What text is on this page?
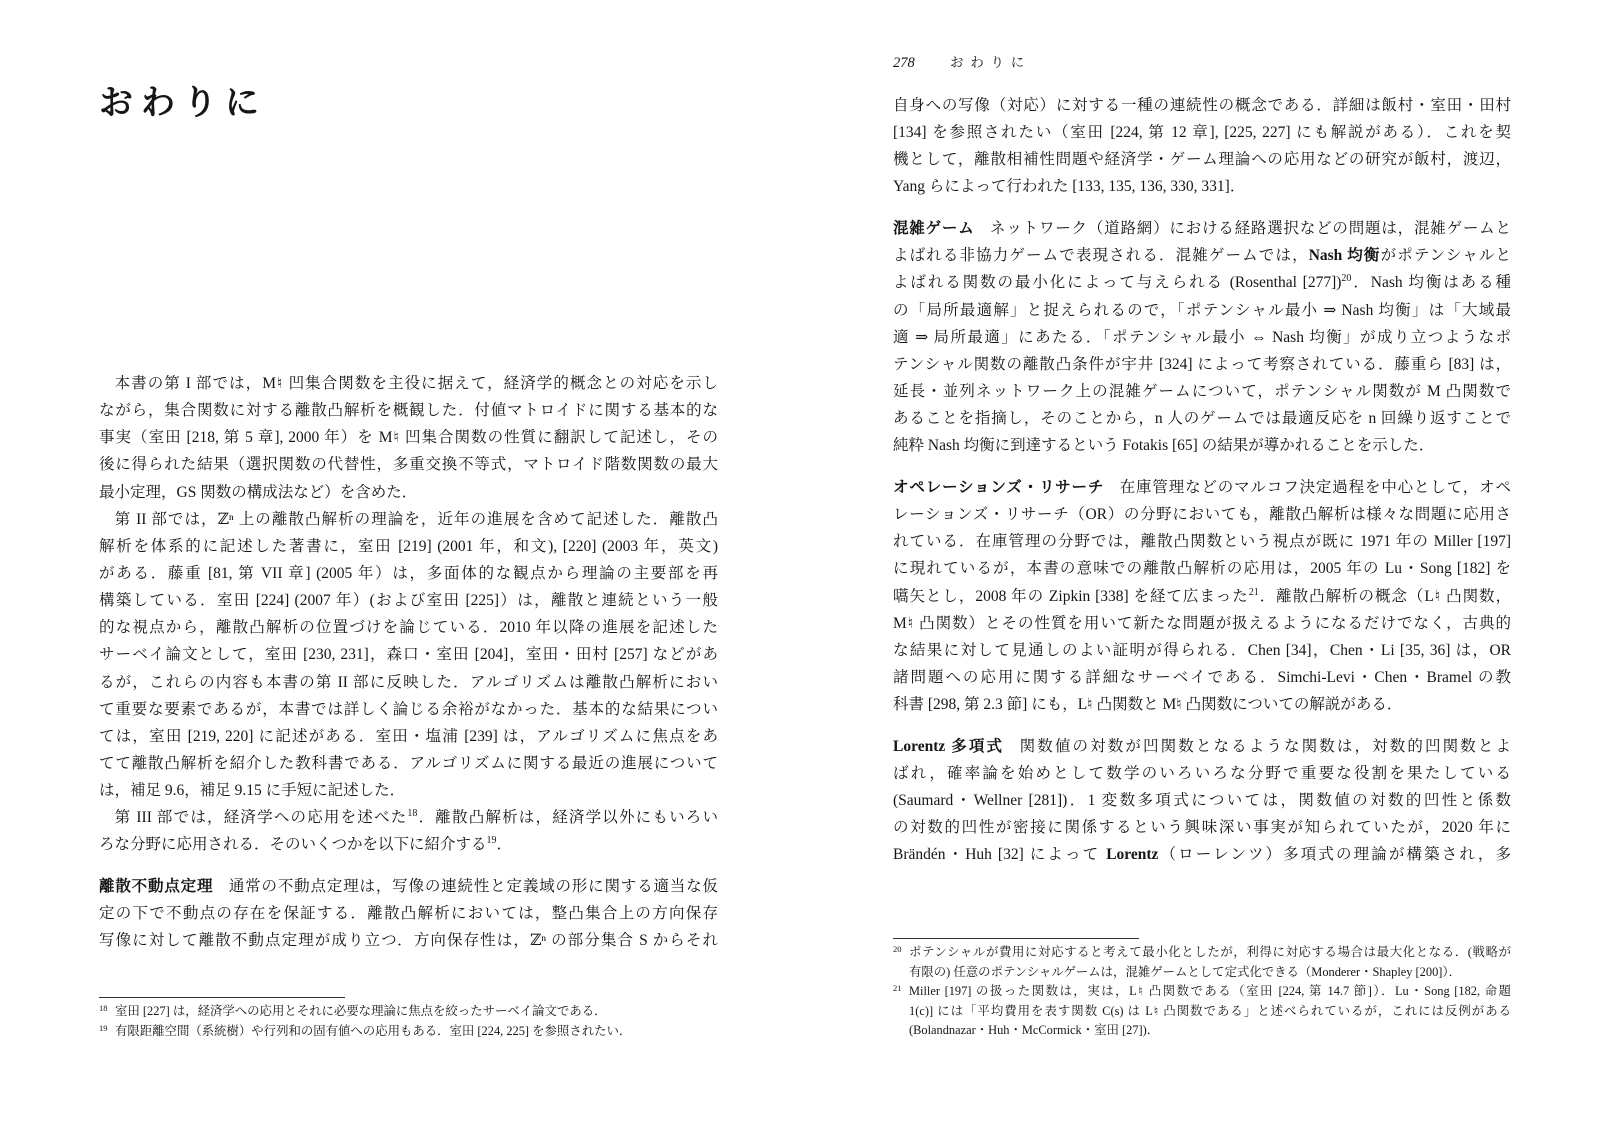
おわりに
本書の第 I 部では，M♮ 凹集合関数を主役に据えて，経済学的概念との対応を示し
ながら，集合関数に対する離散凸解析を概観した．付値マトロイドに関する基本的な
事実（室田 [218, 第 5 章], 2000 年）を M♮ 凹集合関数の性質に翻訳して記述し，その
後に得られた結果（選択関数の代替性，多重交換不等式，マトロイド階数関数の最大
最小定理，GS 関数の構成法など）を含めた．
第 II 部では，ℤⁿ 上の離散凸解析の理論を，近年の進展を含めて記述した．離散凸
解析を体系的に記述した著書に，室田 [219] (2001 年，和文), [220] (2003 年，英文)
がある．藤重 [81, 第 VII 章] (2005 年）は，多面体的な観点から理論の主要部を再
構築している．室田 [224] (2007 年）(および室田 [225]）は，離散と連続という一般
的な視点から，離散凸解析の位置づけを論じている．2010 年以降の進展を記述した
サーベイ論文として，室田 [230, 231]，森口・室田 [204]，室田・田村 [257] などがあ
るが，これらの内容も本書の第 II 部に反映した．アルゴリズムは離散凸解析におい
て重要な要素であるが，本書では詳しく論じる余裕がなかった．基本的な結果につい
ては，室田 [219, 220] に記述がある．室田・塩浦 [239] は，アルゴリズムに焦点をあ
てて離散凸解析を紹介した教科書である．アルゴリズムに関する最近の進展について
は，補足 9.6，補足 9.15 に手短に記述した．
第 III 部では，経済学への応用を述べた$^{18}$．離散凸解析は，経済学以外にもいろい
ろな分野に応用される．そのいくつかを以下に紹介する$^{19}$．
離散不動点定理 通常の不動点定理は，写像の連続性と定義域の形に関する適当な仮
定の下で不動点の存在を保証する．離散凸解析においては，整凸集合上の方向保存
写像に対して離散不動点定理が成り立つ．方向保存性は，ℤⁿ の部分集合 S からそれ
18 室田 [227] は，経済学への応用とそれに必要な理論に焦点を絞ったサーベイ論文である．
19 有限距離空間（系統樹）や行列和の固有値への応用もある．室田 [224, 225] を参照されたい．
278	おわりに
自身への写像（対応）に対する一種の連続性の概念である．詳細は飯村・室田・田村
[134] を参照されたい（室田 [224, 第 12 章], [225, 227] にも解説がある）．これを契
機として，離散相補性問題や経済学・ゲーム理論への応用などの研究が飯村，渡辺，
Yang らによって行われた [133, 135, 136, 330, 331]．
混雑ゲーム ネットワーク（道路網）における経路選択などの問題は，混雑ゲームと
よばれる非協力ゲームで表現される．混雑ゲームでは，Nash 均衡がポテンシャルと
よばれる関数の最小化によって与えられる (Rosenthal [277])$^{20}$．Nash 均衡はある種
の「局所最適解」と捉えられるので，「ポテンシャル最小 ⇒ Nash 均衡」は「大域最
適 ⇒ 局所最適」にあたる．「ポテンシャル最小 ⇔ Nash 均衡」が成り立つようなポ
テンシャル関数の離散凸条件が宇井 [324] によって考察されている．藤重ら [83] は，
延長・並列ネットワーク上の混雑ゲームについて，ポテンシャル関数が M 凸関数で
あることを指摘し，そのことから，n 人のゲームでは最適反応を n 回繰り返すことで
純粋 Nash 均衡に到達するという Fotakis [65] の結果が導かれることを示した．
オペレーションズ・リサーチ 在庫管理などのマルコフ決定過程を中心として，オペ
レーションズ・リサーチ（OR）の分野においても，離散凸解析は様々な問題に応用さ
れている．在庫管理の分野では，離散凸関数という視点が既に 1971 年の Miller [197]
に現れているが，本書の意味での離散凸解析の応用は，2005 年の Lu・Song [182] を
嚆矢とし，2008 年の Zipkin [338] を経て広まった$^{21}$．離散凸解析の概念（L♮ 凸関数，
M♮ 凸関数）とその性質を用いて新たな問題が扱えるようになるだけでなく，古典的
な結果に対して見通しのよい証明が得られる．Chen [34]，Chen・Li [35, 36] は，OR
諸問題への応用に関する詳細なサーベイである．Simchi-Levi・Chen・Bramel の教
科書 [298, 第 2.3 節] にも，L♮ 凸関数と M♮ 凸関数についての解説がある．
Lorentz 多項式 関数値の対数が凹関数となるような関数は，対数的凹関数とよ
ばれ，確率論を始めとして数学のいろいろな分野で重要な役割を果たしている
(Saumard・Wellner [281])．1 変数多項式については，関数値の対数的凹性と係数
の対数的凹性が密接に関係するという興味深い事実が知られていたが，2020 年に
Brändén・Huh [32] によって Lorentz（ローレンツ）多項式の理論が構築され，多
20 ポテンシャルが費用に対応すると考えて最小化としたが，利得に対応する場合は最大化となる．(戦略が
有限の) 任意のポテンシャルゲームは，混雑ゲームとして定式化できる（Monderer・Shapley [200]）．
21 Miller [197] の扱った関数は，実は，L♮ 凸関数である（室田 [224, 第 14.7 節]）．Lu・Song [182, 命題
1(c)] には「平均費用を表す関数 C(s) は L♮ 凸関数である」と述べられているが，これには反例がある
(Bolandnazar・Huh・McCormick・室田 [27])．
